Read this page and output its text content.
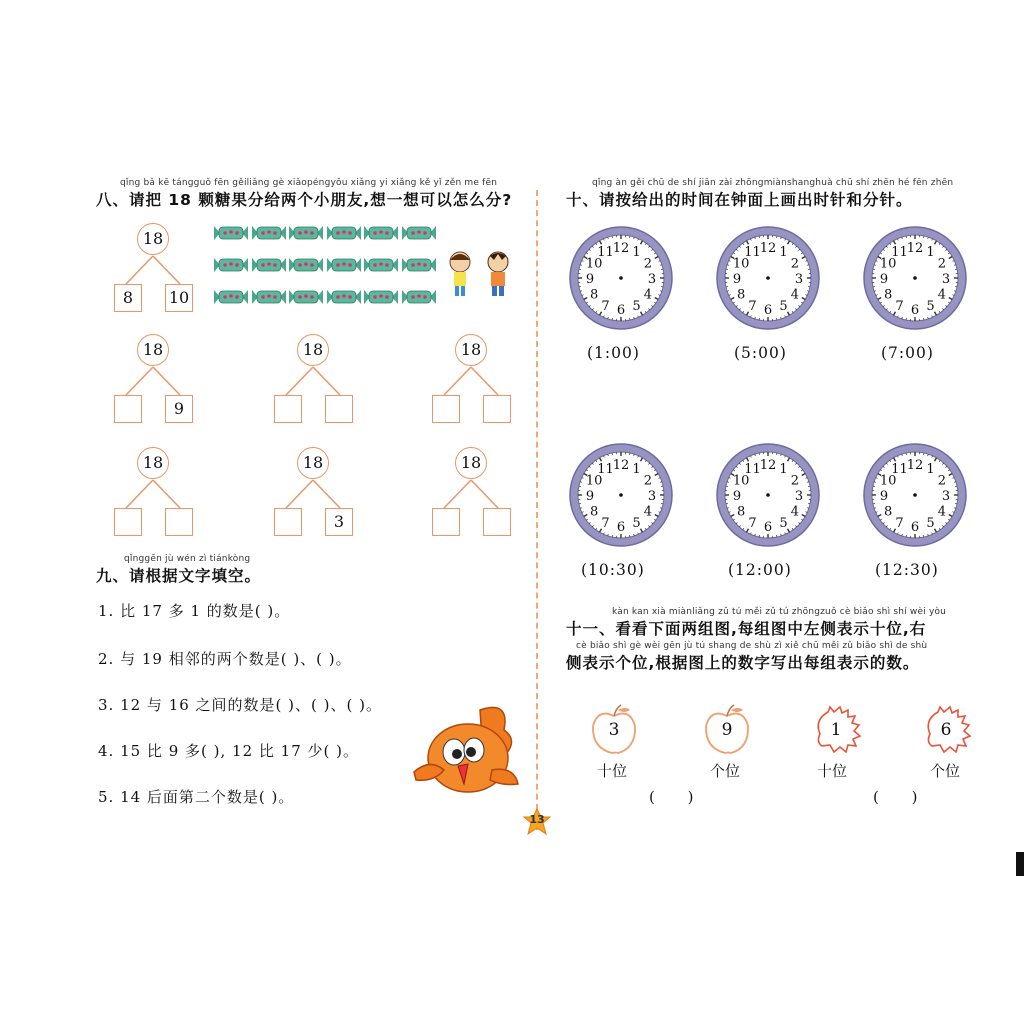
qǐng bǎ kē tángguǒ fēn gěiliǎng gè xiǎopéngyǒu xiǎng yi xiǎng kě yǐ zěn me fēn
八、请把 18 颗糖果分给两个小朋友,想一想可以怎么分?
18
8	10
18
9
18	18
18	18
3
18
qǐnggēn jù wén zì tiánkòng
九、请根据文字填空。
1. 比 17 多 1 的数是( )。
2. 与 19 相邻的两个数是( )、( )。
3. 12 与 16 之间的数是( )、( )、( )。
4. 15 比 9 多( ), 12 比 17 少( )。
5. 14 后面第二个数是( )。
13
qǐng àn gěi chū de shí jiān zài zhōngmiànshanghuà chū shí zhēn hé fēn zhēn
十、请按给出的时间在钟面上画出时针和分针。
12 1
2
3
4
5
6
7
8
9
10
11
(1:00)
12 1
2
3
4
5
6
7
8
9
10
11
(5:00)
12 1
2
3
4
5
6
7
8
9
10
11
(7:00)
12 1
2
3
4
5
6
7
8
9
10
11
(10:30)
12 1
2
3
4
5
6
7
8
9
10
11
(12:00)
12 1
2
3
4
5
6
7
8
9
10
11
(12:30)
kàn kan xià miànliǎng zǔ tú měi zǔ tú zhōngzuǒ cè biǎo shì shí wèi yòu
十一、看看下面两组图,每组图中左侧表示十位,右
cè biǎo shì gè wèi gēn jù tú shang de shù zì xiě chū měi zǔ biǎo shì de shù
侧表示个位,根据图上的数字写出每组表示的数。
3	9
十位	个位
( )
1	6
十位	个位
( )
